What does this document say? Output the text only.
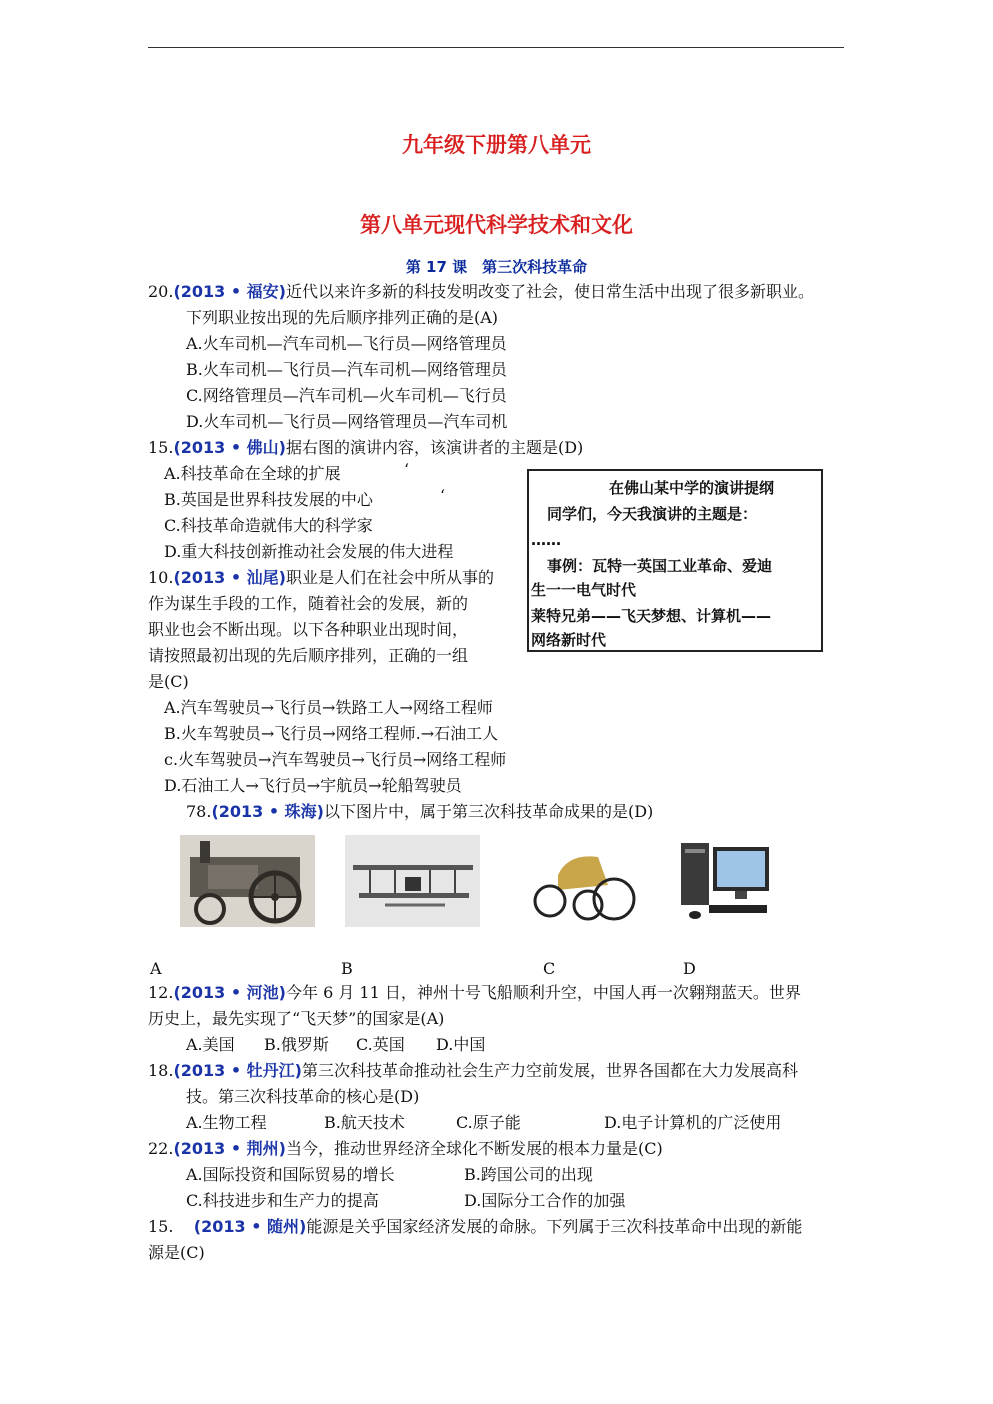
九年级下册第八单元
第八单元现代科学技术和文化
第 17 课　第三次科技革命
20.(2013 • 福安)近代以来许多新的科技发明改变了社会，使日常生活中出现了很多新职业。
下列职业按出现的先后顺序排列正确的是(A)
A.火车司机—汽车司机—飞行员—网络管理员
B.火车司机—飞行员—汽车司机—网络管理员
C.网络管理员—汽车司机—火车司机—飞行员
D.火车司机—飞行员—网络管理员—汽车司机
15.(2013 • 佛山)据右图的演讲内容，该演讲者的主题是(D)
A.科技革命在全球的扩展	‘
B.英国是世界科技发展的中心	‘
C.科技革命造就伟大的科学家
D.重大科技创新推动社会发展的伟大进程
在佛山某中学的演讲提纲
同学们，今天我演讲的主题是：
……
事例：瓦特一英国工业革命、爱迪
生一一电气时代
莱特兄弟——飞天梦想、计算机——
网络新时代
10.(2013 • 汕尾)职业是人们在社会中所从事的
作为谋生手段的工作，随着社会的发展，新的
职业也会不断出现。以下各种职业出现时间，
请按照最初出现的先后顺序排列，正确的一组
是(C)
A.汽车驾驶员→飞行员→铁路工人→网络工程师
B.火车驾驶员→飞行员→网络工程师.→石油工人
c.火车驾驶员→汽车驾驶员→飞行员→网络工程师
D.石油工人→飞行员→宇航员→轮船驾驶员
78.(2013 • 珠海)以下图片中，属于第三次科技革命成果的是(D)
A	B	C	D
12.(2013 • 河池)今年 6 月 11 日，神州十号飞船顺利升空，中国人再一次翱翔蓝天。世界
历史上，最先实现了“飞天梦”的国家是(A)
A.美国 B.俄罗斯 C.英国 D.中国
18.(2013 • 牡丹江)第三次科技革命推动社会生产力空前发展，世界各国都在大力发展高科
技。第三次科技革命的核心是(D)
A.生物工程	B.航天技术	C.原子能	D.电子计算机的广泛使用
22.(2013 • 荆州)当今，推动世界经济全球化不断发展的根本力量是(C)
A.国际投资和国际贸易的增长	B.跨国公司的出现
C.科技进步和生产力的提高	D.国际分工合作的加强
15. (2013 • 随州)能源是关乎国家经济发展的命脉。下列属于三次科技革命中出现的新能
源是(C)
